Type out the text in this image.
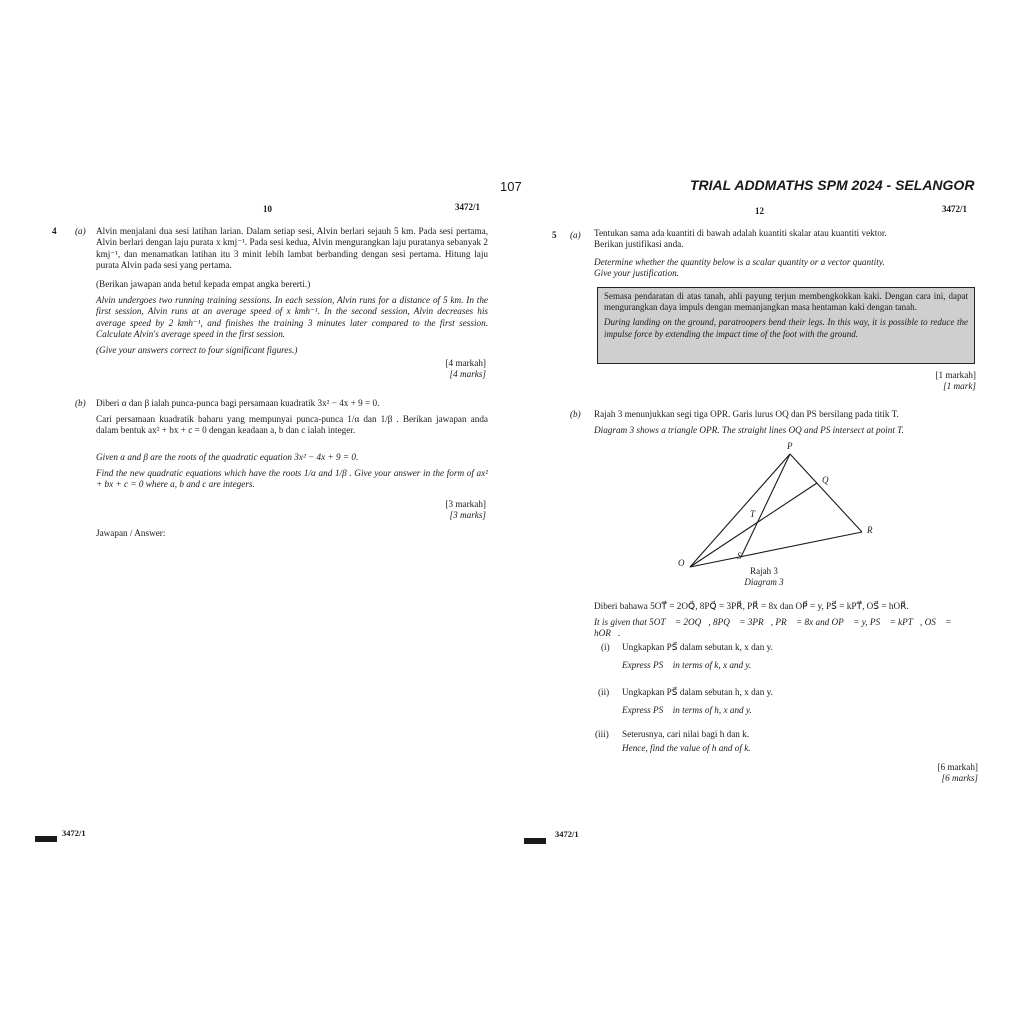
107	TRIAL ADDMATHS SPM 2024 - SELANGOR
10	3472/1
4 (a) Alvin menjalani dua sesi latihan larian. Dalam setiap sesi, Alvin berlari sejauh 5 km. Pada sesi pertama, Alvin berlari dengan laju purata x kmj⁻¹. Pada sesi kedua, Alvin mengurangkan laju puratanya sebanyak 2 kmj⁻¹, dan menamatkan latihan itu 3 minit lebih lambat berbanding dengan sesi pertama. Hitung laju purata Alvin pada sesi yang pertama.
(Berikan jawapan anda betul kepada empat angka bererti.)
Alvin undergoes two running training sessions. In each session, Alvin runs for a distance of 5 km. In the first session, Alvin runs at an average speed of x kmh⁻¹. In the second session, Alvin decreases his average speed by 2 kmh⁻¹, and finishes the training 3 minutes later compared to the first session. Calculate Alvin's average speed in the first session.
(Give your answers correct to four significant figures.)
[4 markah]
[4 marks]
(b) Diberi α dan β ialah punca-punca bagi persamaan kuadratik 3x² − 4x + 9 = 0.
Cari persamaan kuadratik baharu yang mempunyai punca-punca 1/α dan 1/β . Berikan jawapan anda dalam bentuk ax² + bx + c = 0 dengan keadaan a, b dan c ialah integer.
Given α and β are the roots of the quadratic equation 3x² − 4x + 9 = 0.
Find the new quadratic equations which have the roots 1/α and 1/β . Give your answer in the form of ax² + bx + c = 0 where a, b and c are integers.
[3 markah]
[3 marks]
Jawapan / Answer:
3472/1
12	3472/1
5 (a) Tentukan sama ada kuantiti di bawah adalah kuantiti skalar atau kuantiti vektor.
Berikan justifikasi anda.
Determine whether the quantity below is a scalar quantity or a vector quantity.
Give your justification.
Semasa pendaratan di atas tanah, ahli payung terjun membengkokkan kaki. Dengan cara ini, dapat mengurangkan daya impuls dengan memanjangkan masa hentaman kaki dengan tanah.
During landing on the ground, paratroopers bend their legs. In this way, it is possible to reduce the impulse force by extending the impact time of the foot with the ground.
[1 markah]
[1 mark]
(b) Rajah 3 menunjukkan segi tiga OPR. Garis lurus OQ dan PS bersilang pada titik T.
Diagram 3 shows a triangle OPR. The straight lines OQ and PS intersect at point T.
P
Q
T
R
O
S
Rajah 3
Diagram 3
Diberi bahawa 5OT⃗ = 2OQ⃗, 8PQ⃗ = 3PR⃗, PR⃗ = 8x dan OP⃗ = y, PS⃗ = kPT⃗, OS⃗ = hOR⃗.
It is given that 5OT⃗ = 2OQ⃗, 8PQ⃗ = 3PR⃗, PR⃗ = 8x and OP⃗ = y, PS⃗ = kPT⃗, OS⃗ = hOR⃗.
(i) Ungkapkan PS⃗ dalam sebutan k, x dan y.
Express PS⃗ in terms of k, x and y.
(ii) Ungkapkan PS⃗ dalam sebutan h, x dan y.
Express PS⃗ in terms of h, x and y.
(iii) Seterusnya, cari nilai bagi h dan k.
Hence, find the value of h and of k.
[6 markah]
[6 marks]
3472/1
